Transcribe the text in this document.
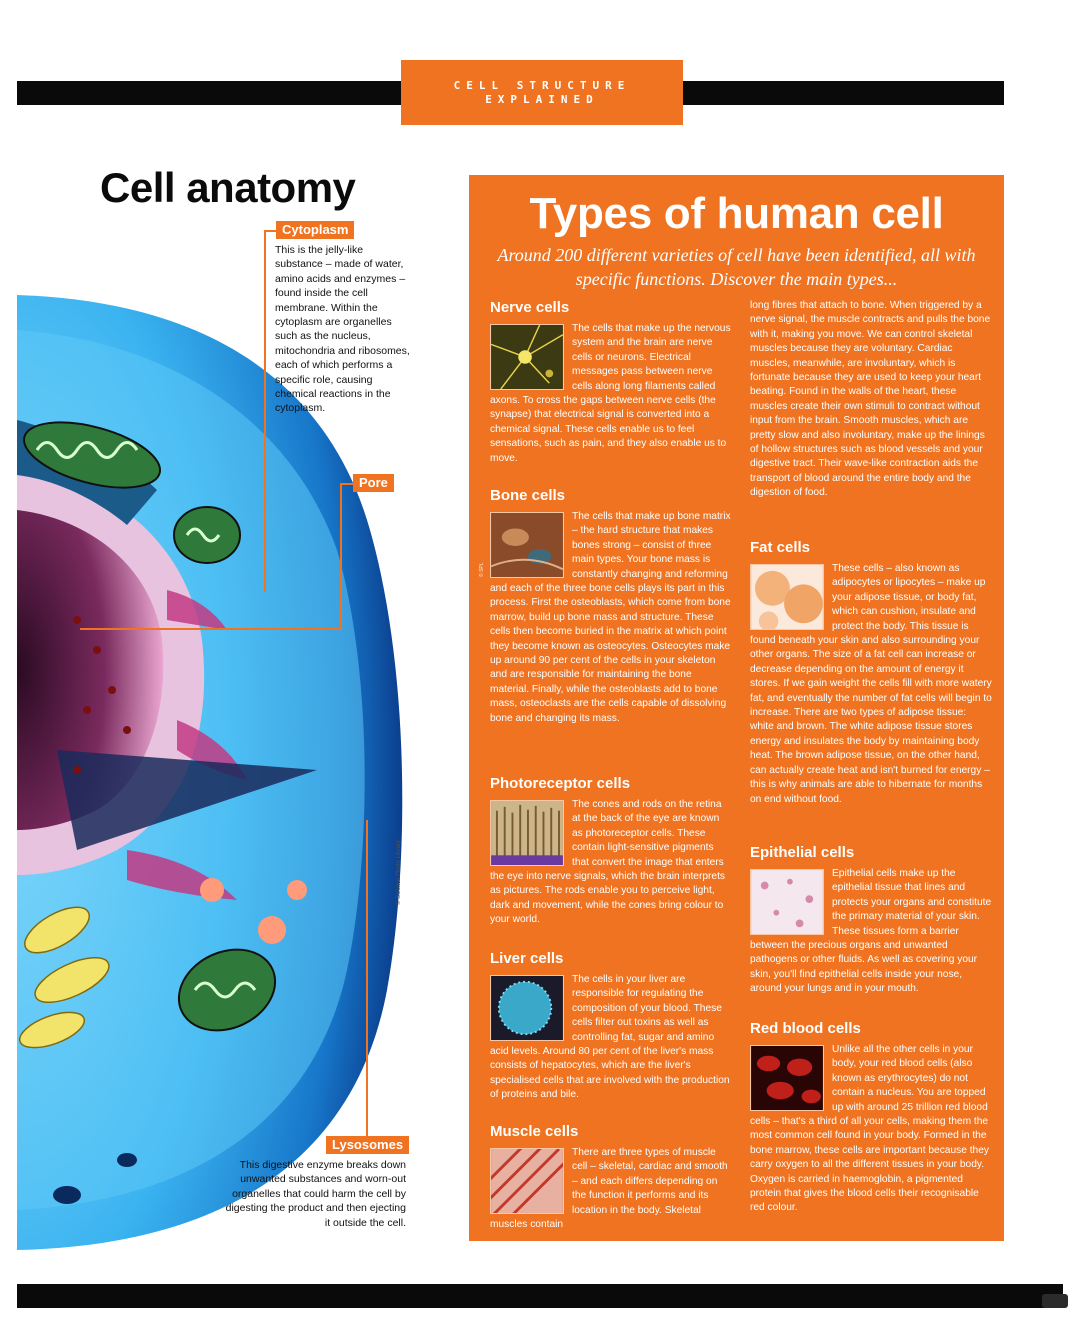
CELL STRUCTURE
EXPLAINED
Cell anatomy
Cytoplasm
This is the jelly-like substance – made of water, amino acids and enzymes – found inside the cell membrane. Within the cytoplasm are organelles such as the nucleus, mitochondria and ribosomes, each of which performs a specific role, causing chemical reactions in the cytoplasm.
Pore
Lysosomes
This digestive enzyme breaks down unwanted substances and worn-out organelles that could harm the cell by digesting the product and then ejecting it outside the cell.
© Science Photo Library
Types of human cell
Around 200 different varieties of cell have been identified, all with specific functions. Discover the main types...
Nerve cells

The cells that make up the nervous system and the brain are nerve cells or neurons. Electrical messages pass between nerve cells along long filaments called axons. To cross the gaps between nerve cells (the synapse) that electrical signal is converted into a chemical signal. These cells enable us to feel sensations, such as pain, and they also enable us to move.

Bone cells

The cells that make up bone matrix – the hard structure that makes bones strong – consist of three main types. Your bone mass is constantly changing and reforming and each of the three bone cells plays its part in this process. First the osteoblasts, which come from bone marrow, build up bone mass and structure. These cells then become buried in the matrix at which point they become known as osteocytes. Osteocytes make up around 90 per cent of the cells in your skeleton and are responsible for maintaining the bone material. Finally, while the osteoblasts add to bone mass, osteoclasts are the cells capable of dissolving bone and changing its mass.

Photoreceptor cells

The cones and rods on the retina at the back of the eye are known as photoreceptor cells. These contain light-sensitive pigments that convert the image that enters the eye into nerve signals, which the brain interprets as pictures. The rods enable you to perceive light, dark and movement, while the cones bring colour to your world.

Liver cells

The cells in your liver are responsible for regulating the composition of your blood. These cells filter out toxins as well as controlling fat, sugar and amino acid levels. Around 80 per cent of the liver's mass consists of hepatocytes, which are the liver's specialised cells that are involved with the production of proteins and bile.

Muscle cells

There are three types of muscle cell – skeletal, cardiac and smooth – and each differs depending on the function it performs and its location in the body. Skeletal muscles contain

long fibres that attach to bone. When triggered by a nerve signal, the muscle contracts and pulls the bone with it, making you move. We can control skeletal muscles because they are voluntary. Cardiac muscles, meanwhile, are involuntary, which is fortunate because they are used to keep your heart beating. Found in the walls of the heart, these muscles create their own stimuli to contract without input from the brain. Smooth muscles, which are pretty slow and also involuntary, make up the linings of hollow structures such as blood vessels and your digestive tract. Their wave-like contraction aids the transport of blood around the entire body and the digestion of food.

Fat cells

These cells – also known as adipocytes or lipocytes – make up your adipose tissue, or body fat, which can cushion, insulate and protect the body. This tissue is found beneath your skin and also surrounding your other organs. The size of a fat cell can increase or decrease depending on the amount of energy it stores. If we gain weight the cells fill with more watery fat, and eventually the number of fat cells will begin to increase. There are two types of adipose tissue: white and brown. The white adipose tissue stores energy and insulates the body by maintaining body heat. The brown adipose tissue, on the other hand, can actually create heat and isn't burned for energy – this is why animals are able to hibernate for months on end without food.

Epithelial cells

Epithelial cells make up the epithelial tissue that lines and protects your organs and constitute the primary material of your skin. These tissues form a barrier between the precious organs and unwanted pathogens or other fluids. As well as covering your skin, you'll find epithelial cells inside your nose, around your lungs and in your mouth.

Red blood cells

Unlike all the other cells in your body, your red blood cells (also known as erythrocytes) do not contain a nucleus. You are topped up with around 25 trillion red blood cells – that's a third of all your cells, making them the most common cell found in your body. Formed in the bone marrow, these cells are important because they carry oxygen to all the different tissues in your body. Oxygen is carried in haemoglobin, a pigmented protein that gives the blood cells their recognisable red colour.

© SPL
